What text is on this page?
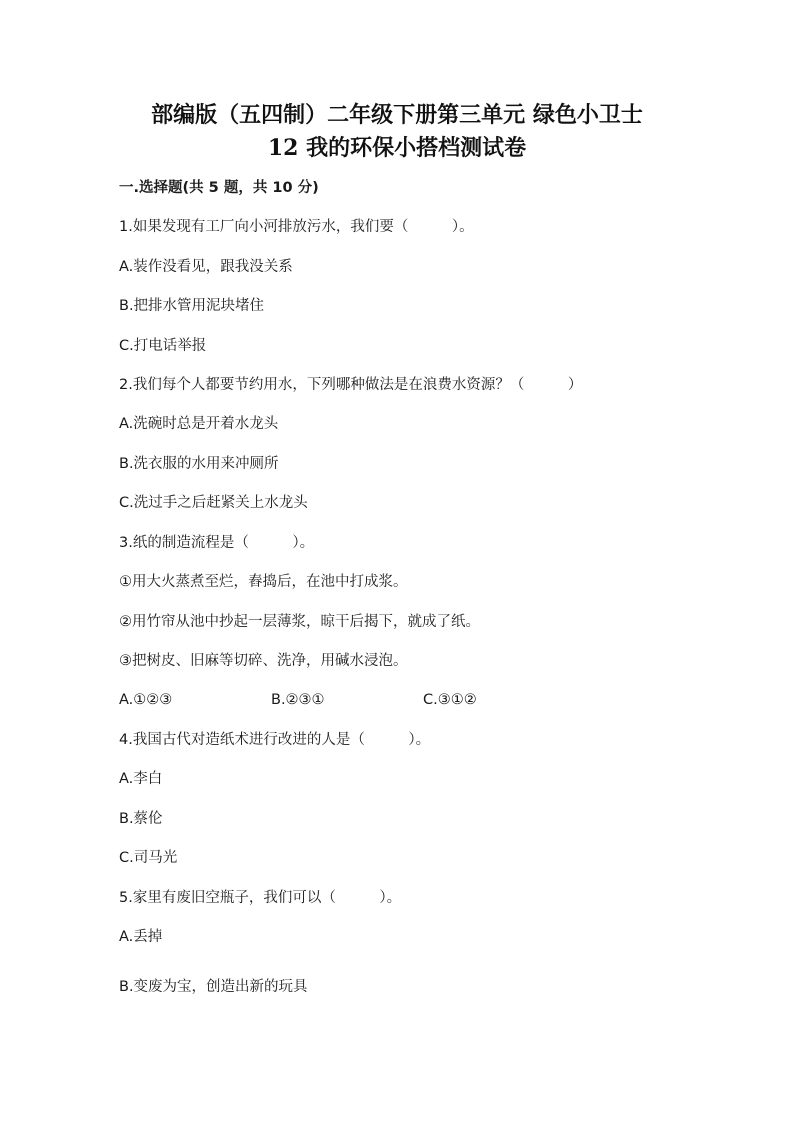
部编版（五四制）二年级下册第三单元 绿色小卫士
12 我的环保小搭档测试卷
一.选择题(共 5 题，共 10 分)
1.如果发现有工厂向小河排放污水，我们要（　　　）。
A.装作没看见，跟我没关系
B.把排水管用泥块堵住
C.打电话举报
2.我们每个人都要节约用水，下列哪种做法是在浪费水资源？（　　　）
A.洗碗时总是开着水龙头
B.洗衣服的水用来冲厕所
C.洗过手之后赶紧关上水龙头
3.纸的制造流程是（　　　）。
①用大火蒸煮至烂，舂捣后，在池中打成浆。
②用竹帘从池中抄起一层薄浆，晾干后揭下，就成了纸。
③把树皮、旧麻等切碎、洗净，用碱水浸泡。
A.①②③	B.②③①	C.③①②
4.我国古代对造纸术进行改进的人是（　　　）。
A.李白
B.蔡伦
C.司马光
5.家里有废旧空瓶子，我们可以（　　　）。
A.丢掉
B.变废为宝，创造出新的玩具
